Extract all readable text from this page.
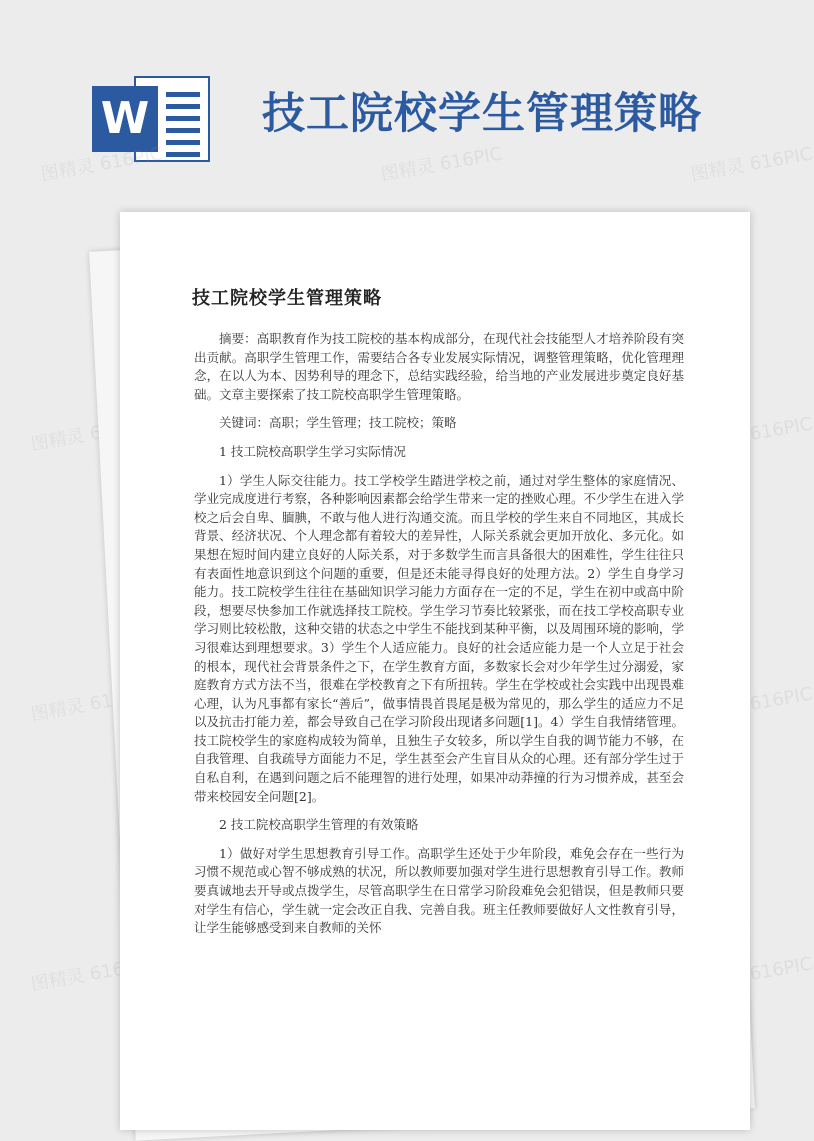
W	技工院校学生管理策略
图精灵 616PIC	图精灵 616PIC	图精灵 616PIC
图精灵 616PIC	图精灵 616PIC
图精灵 616PIC	图精灵 616PIC
图精灵 616PIC	图精灵 616PIC
技工院校学生管理策略

摘要：高职教育作为技工院校的基本构成部分，在现代社会技能型人才培养阶段有突出贡献。高职学生管理工作，需要结合各专业发展实际情况，调整管理策略，优化管理理念，在以人为本、因势利导的理念下，总结实践经验，给当地的产业发展进步奠定良好基础。文章主要探索了技工院校高职学生管理策略。

关键词：高职；学生管理；技工院校；策略

1 技工院校高职学生学习实际情况

1）学生人际交往能力。技工学校学生踏进学校之前，通过对学生整体的家庭情况、学业完成度进行考察，各种影响因素都会给学生带来一定的挫败心理。不少学生在进入学校之后会自卑、腼腆，不敢与他人进行沟通交流。而且学校的学生来自不同地区，其成长背景、经济状况、个人理念都有着较大的差异性，人际关系就会更加开放化、多元化。如果想在短时间内建立良好的人际关系，对于多数学生而言具备很大的困难性，学生往往只有表面性地意识到这个问题的重要，但是还未能寻得良好的处理方法。2）学生自身学习能力。技工院校学生往往在基础知识学习能力方面存在一定的不足，学生在初中或高中阶段，想要尽快参加工作就选择技工院校。学生学习节奏比较紧张，而在技工学校高职专业学习则比较松散，这种交错的状态之中学生不能找到某种平衡，以及周围环境的影响，学习很难达到理想要求。3）学生个人适应能力。良好的社会适应能力是一个人立足于社会的根本，现代社会背景条件之下，在学生教育方面，多数家长会对少年学生过分溺爱，家庭教育方式方法不当，很难在学校教育之下有所扭转。学生在学校或社会实践中出现畏难心理，认为凡事都有家长“善后”，做事情畏首畏尾是极为常见的，那么学生的适应力不足以及抗击打能力差，都会导致自己在学习阶段出现诸多问题[1]。4）学生自我情绪管理。技工院校学生的家庭构成较为简单，且独生子女较多，所以学生自我的调节能力不够，在自我管理、自我疏导方面能力不足，学生甚至会产生盲目从众的心理。还有部分学生过于自私自利，在遇到问题之后不能理智的进行处理，如果冲动莽撞的行为习惯养成，甚至会带来校园安全问题[2]。

2 技工院校高职学生管理的有效策略

1）做好对学生思想教育引导工作。高职学生还处于少年阶段，难免会存在一些行为习惯不规范或心智不够成熟的状况，所以教师要加强对学生进行思想教育引导工作。教师要真诚地去开导或点拨学生，尽管高职学生在日常学习阶段难免会犯错误，但是教师只要对学生有信心，学生就一定会改正自我、完善自我。班主任教师要做好人文性教育引导，让学生能够感受到来自教师的关怀
